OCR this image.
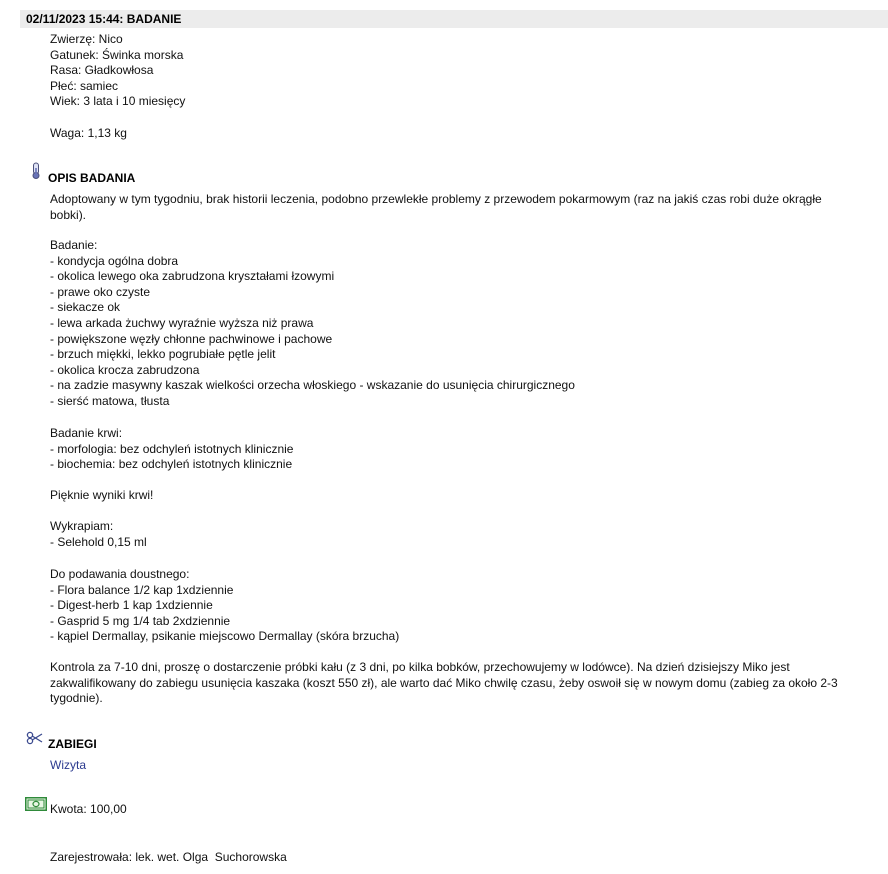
02/11/2023 15:44: BADANIE
Zwierzę: Nico
Gatunek: Świnka morska
Rasa: Gładkowłosa
Płeć: samiec
Wiek: 3 lata i 10 miesięcy
Waga: 1,13 kg
OPIS BADANIA
Adoptowany w tym tygodniu, brak historii leczenia, podobno przewlekłe problemy z przewodem pokarmowym (raz na jakiś czas robi duże okrągłe bobki).
Badanie:
- kondycja ogólna dobra
- okolica lewego oka zabrudzona kryształami łzowymi
- prawe oko czyste
- siekacze ok
- lewa arkada żuchwy wyraźnie wyższa niż prawa
- powiększone węzły chłonne pachwinowe i pachowe
- brzuch miękki, lekko pogrubiałe pętle jelit
- okolica krocza zabrudzona
- na zadzie masywny kaszak wielkości orzecha włoskiego - wskazanie do usunięcia chirurgicznego
- sierść matowa, tłusta
Badanie krwi:
- morfologia: bez odchyleń istotnych klinicznie
- biochemia: bez odchyleń istotnych klinicznie
Pięknie wyniki krwi!
Wykrapiam:
- Selehold 0,15 ml
Do podawania doustnego:
- Flora balance 1/2 kap 1xdziennie
- Digest-herb 1 kap 1xdziennie
- Gasprid 5 mg 1/4 tab 2xdziennie
- kąpiel Dermallay, psikanie miejscowo Dermallay (skóra brzucha)
Kontrola za 7-10 dni, proszę o dostarczenie próbki kału (z 3 dni, po kilka bobków, przechowujemy w lodówce). Na dzień dzisiejszy Miko jest zakwalifikowany do zabiegu usunięcia kaszaka (koszt 550 zł), ale warto dać Miko chwilę czasu, żeby oswoił się w nowym domu (zabieg za około 2-3 tygodnie).
ZABIEGI
Wizyta
Kwota: 100,00
Zarejestrowała: lek. wet. Olga  Suchorowska
